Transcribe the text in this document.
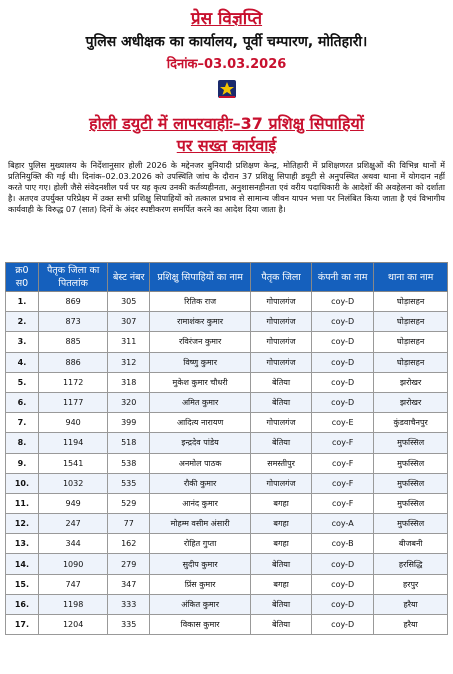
प्रेस विज्ञप्ति
पुलिस अधीक्षक का कार्यालय, पूर्वी चम्पारण, मोतिहारी।
दिनांक–03.03.2026
होली डयुटी में लापरवाहीः–37 प्रशिक्षु सिपाहियों
पर सख्त कार्रवाई
बिहार पुलिस मुख्यालय के निर्देशानुसार होली 2026 के मद्देनजर बुनियादी प्रशिक्षण केन्द्र, मोतिहारी में प्रशिक्षणरत प्रशिक्षुओं की विभिन्न थानों में प्रतिनियुक्ति की गई थी। दिनांक–02.03.2026 को उपस्थिति जांच के दौरान 37 प्रशिक्षु सिपाही डयूटी से अनुपस्थित अथवा थाना में योगदान नहीं करते पाए गए। होली जैसे संवेदनशील पर्व पर यह कृत्य उनकी कर्तव्यहीनता, अनुशासनहीनता एवं वरीय पदाधिकारी के आदेशों की अवहेलना को दर्शाता है। अतएव उपर्युक्त परिप्रेक्ष्य में उक्त सभी प्रशिक्षु सिपाहियों को तत्काल प्रभाव से सामान्य जीवन यापन भत्ता पर निलंबित किया जाता है एवं विभागीय कार्यवाही के विरुद्ध 07 (सात) दिनों के अंदर स्पष्टीकरण समर्पित करने का आदेश दिया जाता है।
क्र0 स0	पैतृक जिला का पितलांक	बेस्ट नंबर	प्रशिक्षु सिपाहियों का नाम	पैतृक जिला	कंपनी का नाम	थाना का नाम
1.	869	305	रितिक राज	गोपालगंज	coy-D	घोड़ासहन
2.	873	307	रामाशंकर कुमार	गोपालगंज	coy-D	घोड़ासहन
3.	885	311	रविरंजन कुमार	गोपालगंज	coy-D	घोड़ासहन
4.	886	312	विष्णु कुमार	गोपालगंज	coy-D	घोड़ासहन
5.	1172	318	मुकेश कुमार चौधरी	बेतिया	coy-D	झरोखर
6.	1177	320	अमित कुमार	बेतिया	coy-D	झरोखर
7.	940	399	आदित्य नारायण	गोपालगंज	coy-E	कुंडवाचैनपुर
8.	1194	518	इन्द्रदेव पांडेय	बेतिया	coy-F	मुफस्सिल
9.	1541	538	अनमोल पाठक	समस्तीपुर	coy-F	मुफस्सिल
10.	1032	535	रौकी कुमार	गोपालगंज	coy-F	मुफस्सिल
11.	949	529	आनंद कुमार	बगहा	coy-F	मुफस्सिल
12.	247	77	मोहम्म वसीम अंसारी	बगहा	coy-A	मुफस्सिल
13.	344	162	रोहित गुप्ता	बगहा	coy-B	बीजबनी
14.	1090	279	सुदीप कुमार	बेतिया	coy-D	हरसिद्धि
15.	747	347	प्रिंस कुमार	बगहा	coy-D	हरपुर
16.	1198	333	अंकित कुमार	बेतिया	coy-D	हरैया
17.	1204	335	विकास कुमार	बेतिया	coy-D	हरैया
